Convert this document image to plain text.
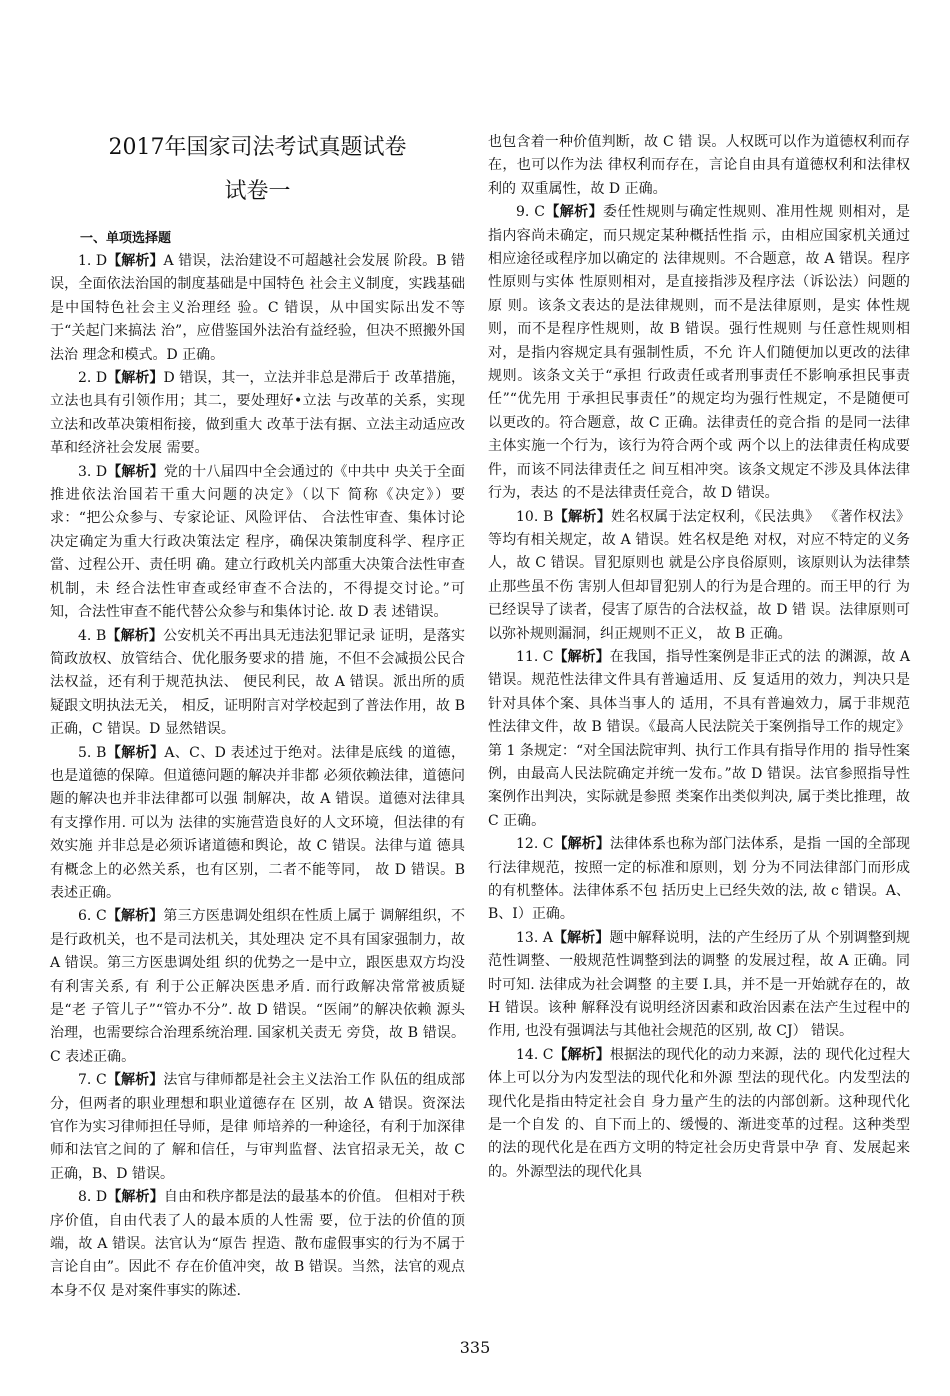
2017年国家司法考试真题试卷
试卷一
一、单项选择题

1. D【解析】A 错误，法治建设不可超越社会发展 阶段。B 错误，全面依法治国的制度基础是中国特色 社会主义制度，实践基础是中国特色社会主义治理经 验。C 错误，从中国实际出发不等于“关起门来搞法 治”，应借鉴国外法治有益经验，但决不照搬外国法治 理念和模式。D 正确。

2. D【解析】D 错误，其一，立法并非总是滞后于 改革措施，立法也具有引领作用；其二，要处理好•立法 与改革的关系，实现立法和改革决策相衔接，做到重大 改革于法有据、立法主动适应改革和经济社会发展 需要。

3. D【解析】党的十八届四中全会通过的《中共中 央关于全面推进依法治国若干重大问题的决定》（以下 简称《决定》）要求：“把公众参与、专家论证、风险评估、 合法性审查、集体讨论决定确定为重大行政决策法定 程序，确保决策制度科学、程序正當、过程公开、责任明 确。建立行政机关内部重大决策合法性审查机制，未 经合法性审查或经审查不合法的，不得提交讨论。”可 知，合法性审查不能代替公众参与和集体讨论. 故 D 表 述错误。

4. B【解析】公安机关不再出具无违法犯罪记录 证明，是落实简政放权、放管结合、优化服务要求的措 施，不但不会减损公民合法权益，还有利于规范执法、 便民利民，故 A 错误。派出所的质疑跟文明执法无关， 相反，证明附言对学校起到了普法作用，故 B 正确，C 错误。D 显然错误。

5. B【解析】A、C、D 表述过于绝对。法律是底线 的道德，也是道德的保障。但道德问题的解决并非都 必须依赖法律，道德问题的解决也并非法律都可以强 制解决，故 A 错误。道德对法律具有支撑作用. 可以为 法律的实施营造良好的人文环境，但法律的有效实施 并非总是必须诉诸道德和舆论，故 C 错误。法律与道 德具有概念上的必然关系，也有区别，二者不能等同， 故 D 错误。B 表述正确。

6. C【解析】第三方医患调处组织在性质上属于 调解组织，不是行政机关，也不是司法机关，其处理决 定不具有国家强制力，故 A 错误。第三方医患调处组 织的优势之一是中立，跟医患双方均没有利害关系, 有 利于公正解决医患矛盾. 而行政解决常常被质疑是“老 子管儿子”“管办不分”. 故 D 错误。“医闹”的解决依赖 源头治理，也需要综合治理系统治理. 国家机关责无 旁贷，故 B 错误。C 表述正确。

7. C【解析】法官与律师都是社会主义法治工作 队伍的组成部分，但两者的职业理想和职业道德存在 区别，故 A 错误。资深法官作为实习律师担任导师，是律 师培养的一种途径，有利于加深律师和法官之间的了 解和信任，与审判监督、法官招录无关，故 C 正确，B、D 错误。

8. D【解析】自由和秩序都是法的最基本的价值。 但相对于秩序价值，自由代表了人的最本质的人性需 要，位于法的价值的顶端，故 A 错误。法官认为“原告 捏造、散布虚假事实的行为不属于言论自由”。因此不 存在价值冲突，故 B 错误。当然，法官的观点本身不仅 是对案件事实的陈述.

也包含着一种价值判断，故 C 错 误。人权既可以作为道德权利而存在，也可以作为法 律权利而存在，言论自由具有道德权利和法律权利的 双重属性，故 D 正确。

9. C【解析】委任性规则与确定性规则、准用性规 则相对，是指内容尚未确定，而只规定某种概括性指 示，由相应国家机关通过相应途径或程序加以确定的 法律规则。不合题意，故 A 错误。程序性原则与实体 性原则相对，是直接指涉及程序法（诉讼法）问题的原 则。该条文表达的是法律规则，而不是法律原则，是实 体性规则，而不是程序性规则，故 B 错误。强行性规则 与任意性规则相对，是指内容规定具有强制性质，不允 许人们随便加以更改的法律规则。该条文关于“承担 行政责任或者刑事责任不影响承担民事责任”“优先用 于承担民事责任”的规定均为强行性规定，不是随便可 以更改的。符合题意，故 C 正确。法律责任的竞合指 的是同一法律主体实施一个行为，该行为符合两个或 两个以上的法律责任构成要件，而该不同法律责任之 间互相冲突。该条文规定不涉及具体法律行为，表达 的不是法律责任竞合，故 D 错误。

10. B【解析】姓名权属于法定权利，《民法典》 《著作权法》等均有相关规定，故 A 错误。姓名权是绝 对权，对应不特定的义务人，故 C 错误。冒犯原则也 就是公序良俗原则，该原则认为法律禁止那些虽不伤 害别人但却冒犯别人的行为是合理的。而王甲的行 为已经误导了读者，侵害了原告的合法权益，故 D 错 误。法律原则可以弥补规则漏洞，纠正规则不正义， 故 B 正确。

11. C【解析】在我国，指导性案例是非正式的法 的渊源，故 A 错误。规范性法律文件具有普遍适用、反 复适用的效力，判决只是针对具体个案、具体当事人的 适用，不具有普遍效力，属于非规范性法律文件，故 B 错误。《最高人民法院关于案例指导工作的规定》第 1 条规定：“对全国法院审判、执行工作具有指导作用的 指导性案例，由最高人民法院确定并统一发布。”故 D 错误。法官参照指导性案例作出判决，实际就是参照 类案作出类似判决, 属于类比推理，故 C 正确。

12. C【解析】法律体系也称为部门法体系，是指 一国的全部现行法律规范，按照一定的标准和原则，划 分为不同法律部门而形成的有机整体。法律体系不包 括历史上已经失效的法, 故 c 错误。A、B、I）正确。

13. A【解析】题中解释说明，法的产生经历了从 个别调整到规范性调整、一般规范性调整到法的调整 的发展过程，故 A 正确。同时可知. 法律成为社会调整 的主要 I.具，并不是一开始就存在的，故 H 错误。该种 解释没有说明经济因素和政治因素在法产生过程中的 作用, 也没有强调法与其他社会规范的区别, 故 CJ） 错误。

14. C【解析】根据法的现代化的动力来源，法的 现代化过程大体上可以分为内发型法的现代化和外源 型法的现代化。内发型法的现代化是指由特定社会自 身力量产生的法的内部创新。这种现代化是一个自发 的、自下而上的、缓慢的、渐进变革的过程。这种类型 的法的现代化是在西方文明的特定社会历史背景中孕 育、发展起来的。外源型法的现代化具

335
